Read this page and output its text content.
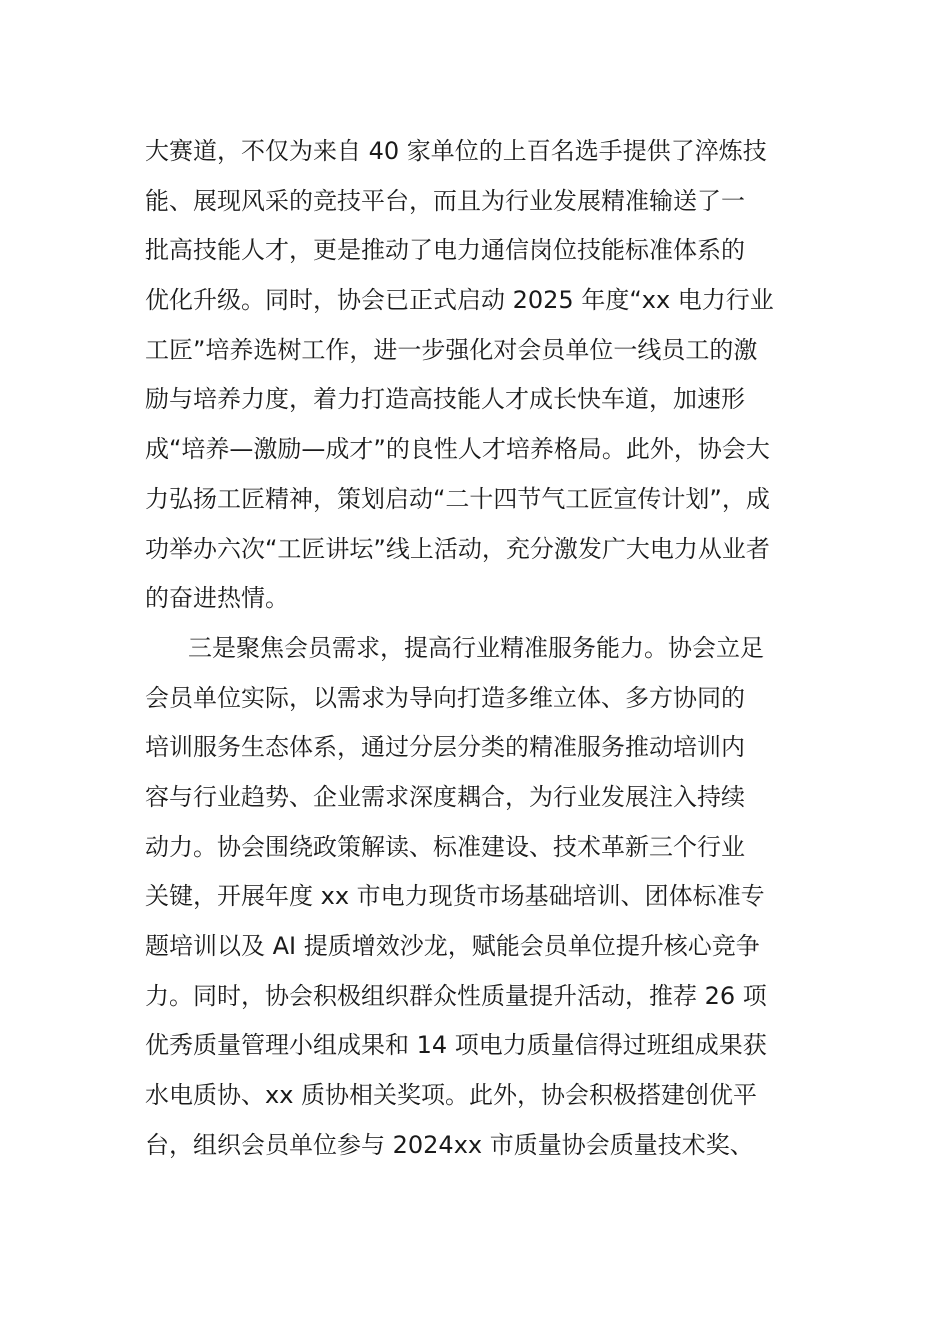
大赛道，不仅为来自 40 家单位的上百名选手提供了淬炼技
能、展现风采的竞技平台，而且为行业发展精准输送了一
批高技能人才，更是推动了电力通信岗位技能标准体系的
优化升级。同时，协会已正式启动 2025 年度“xx 电力行业
工匠”培养选树工作，进一步强化对会员单位一线员工的激
励与培养力度，着力打造高技能人才成长快车道，加速形
成“培养—激励—成才”的良性人才培养格局。此外，协会大
力弘扬工匠精神，策划启动“二十四节气工匠宣传计划”，成
功举办六次“工匠讲坛”线上活动，充分激发广大电力从业者
的奋进热情。
三是聚焦会员需求，提高行业精准服务能力。协会立足
会员单位实际，以需求为导向打造多维立体、多方协同的
培训服务生态体系，通过分层分类的精准服务推动培训内
容与行业趋势、企业需求深度耦合，为行业发展注入持续
动力。协会围绕政策解读、标准建设、技术革新三个行业
关键，开展年度 xx 市电力现货市场基础培训、团体标准专
题培训以及 AI 提质增效沙龙，赋能会员单位提升核心竞争
力。同时，协会积极组织群众性质量提升活动，推荐 26 项
优秀质量管理小组成果和 14 项电力质量信得过班组成果获
水电质协、xx 质协相关奖项。此外，协会积极搭建创优平
台，组织会员单位参与 2024xx 市质量协会质量技术奖、
